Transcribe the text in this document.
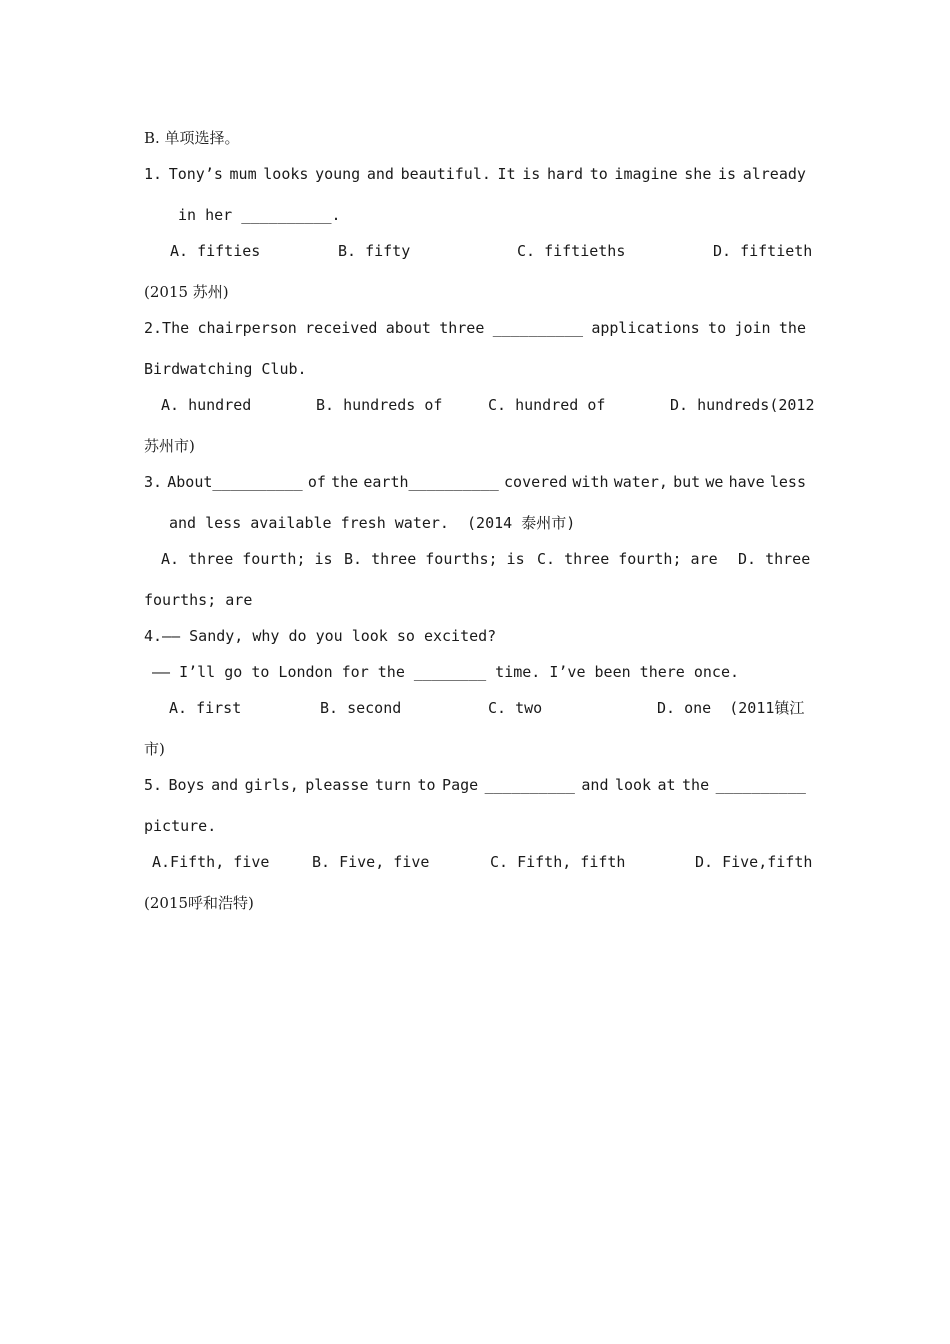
B. 单项选择。
1. Tony’s mum looks young and beautiful. It is hard to imagine she is already
in her __________.
A. fifties	B. fifty	C. fiftieths	D. fiftieth
(2015 苏州)
2.The chairperson received about three __________ applications to join the
Birdwatching Club.
A. hundred	B. hundreds of	C. hundred of	D. hundreds(2012
苏州市)
3. About__________ of the earth__________ covered with water, but we have less
and less available fresh water.  (2014 泰州市)
A. three fourth; is B. three fourths; is C. three fourth; are D. three
fourths; are
4.—— Sandy, why do you look so excited?
—— I’ll go to London for the ________ time. I’ve been there once.
A. first	B. second	C. two	D. one  (2011镇江
市)
5. Boys and girls, pleasse turn to Page __________ and look at the __________
picture.
A.Fifth, five	B. Five, five	C. Fifth, fifth	D. Five,fifth
(2015呼和浩特)
